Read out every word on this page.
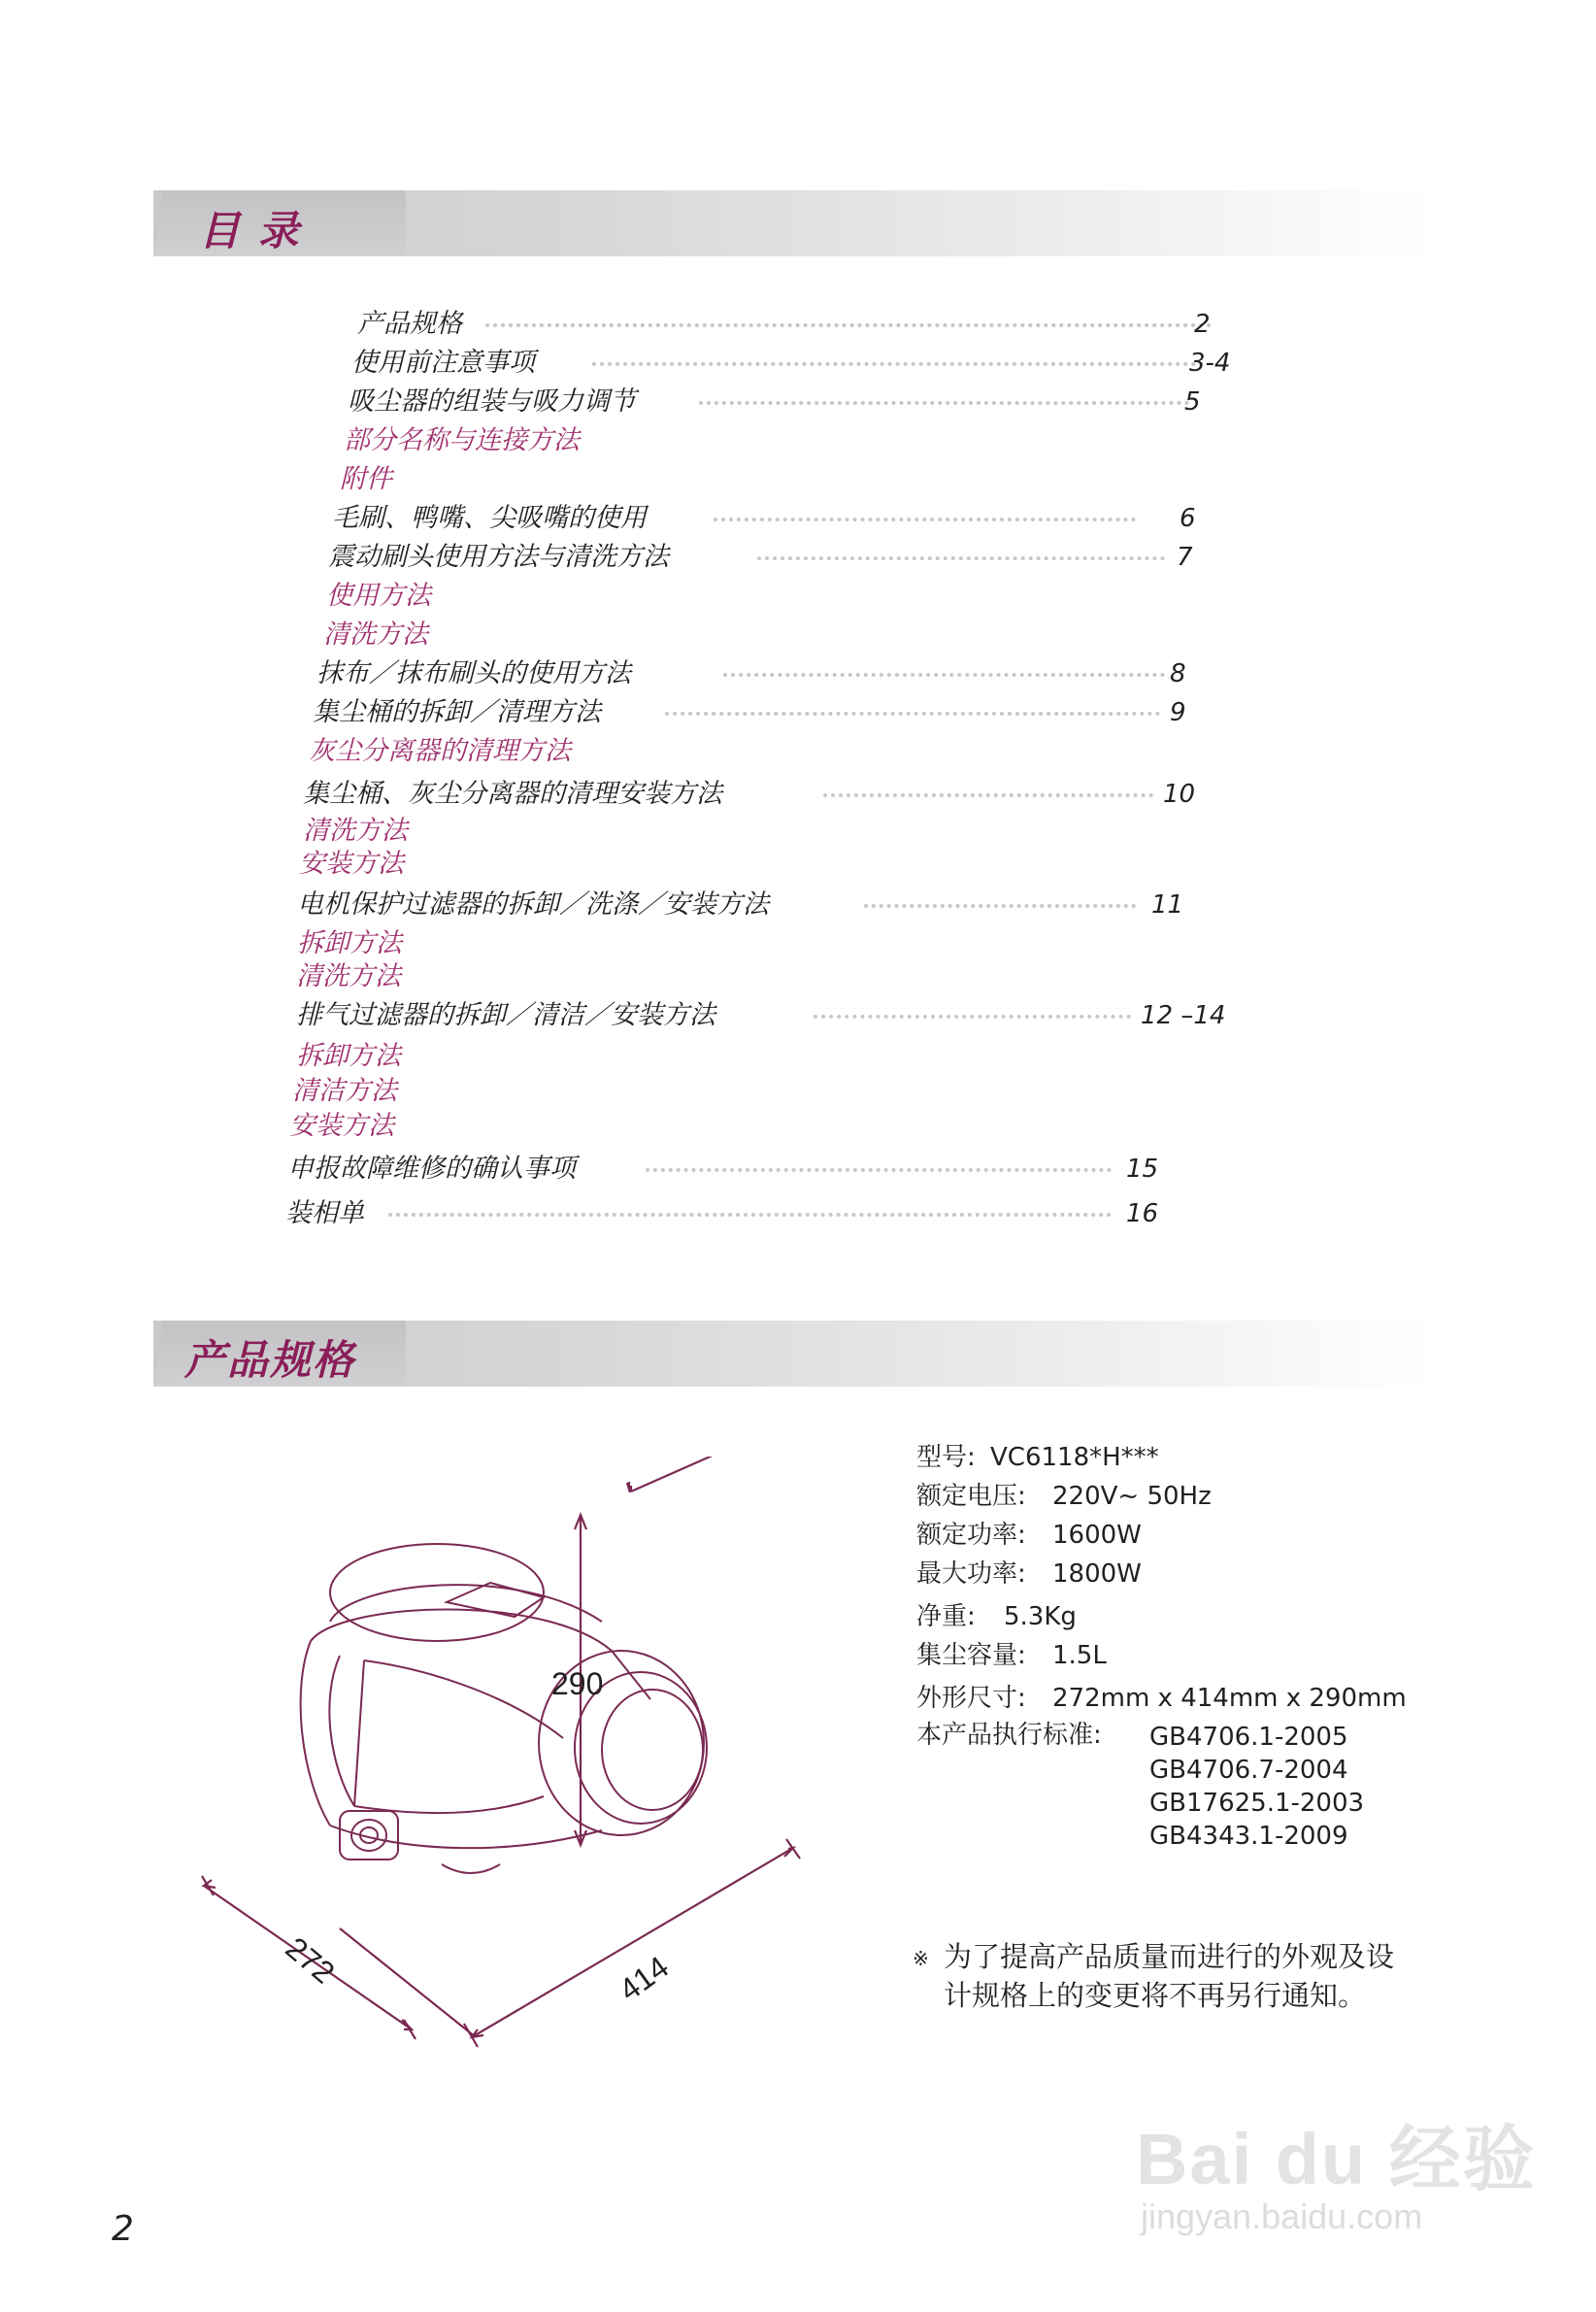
目 录
产品规格	2
使用前注意事项	3-4
吸尘器的组装与吸力调节	5
部分名称与连接方法
附件
毛刷、鸭嘴、尖吸嘴的使用	6
震动刷头使用方法与清洗方法	7
使用方法
清洗方法
抹布／抹布刷头的使用方法	8
集尘桶的拆卸／清理方法	9
灰尘分离器的清理方法
集尘桶、灰尘分离器的清理安装方法	10
清洗方法
安装方法
电机保护过滤器的拆卸／洗涤／安装方法	11
拆卸方法
清洗方法
排气过滤器的拆卸／清洁／安装方法	12 –14
拆卸方法
清洁方法
安装方法
申报故障维修的确认事项	15
装相单	16
产品规格
290
272	414
型号: VC6118*H***
额定电压: 220V~ 50Hz
额定功率: 1600W
最大功率: 1800W
净重: 5.3Kg
集尘容量: 1.5L
外形尺寸: 272mm x 414mm x 290mm
本产品执行标准: GB4706.1-2005
GB4706.7-2004
GB17625.1-2003
GB4343.1-2009
※ 为了提高产品质量而进行的外观及设计规格上的变更将不再另行通知。
2
Bai du 经验
jingyan.baidu.com
